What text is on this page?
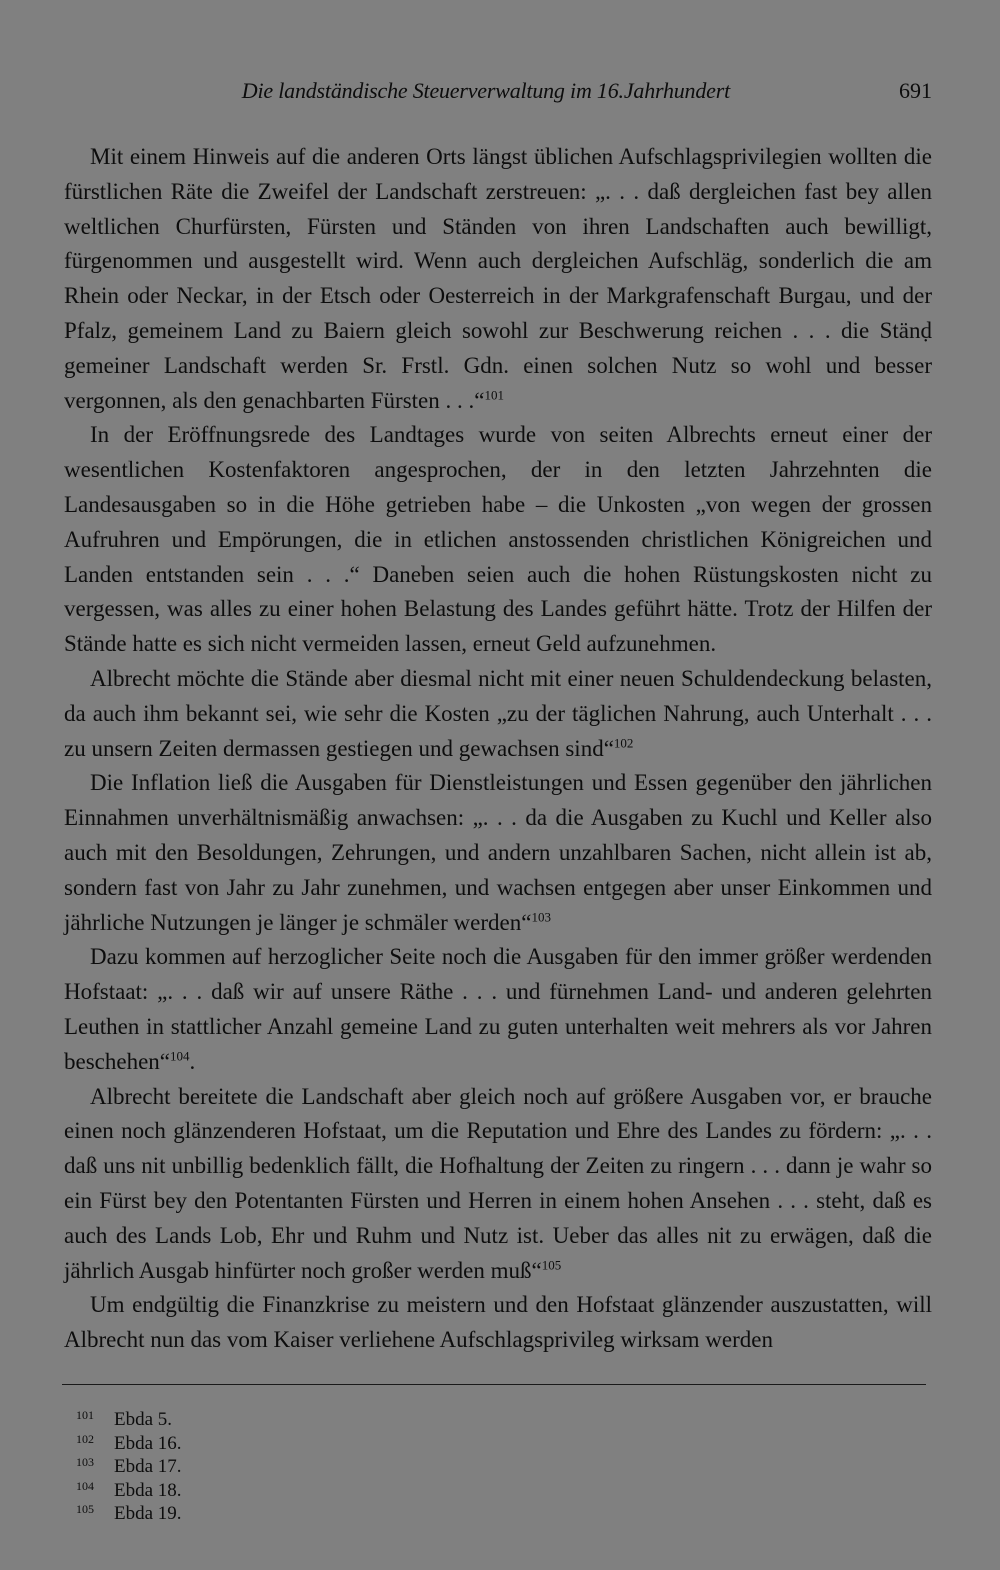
Die landständische Steuerverwaltung im 16.Jahrhundert	691

Mit einem Hinweis auf die anderen Orts längst üblichen Aufschlagsprivilegien wollten die fürstlichen Räte die Zweifel der Landschaft zerstreuen: „. . . daß dergleichen fast bey allen weltlichen Churfürsten, Fürsten und Ständen von ihren Landschaften auch bewilligt, fürgenommen und ausgestellt wird. Wenn auch dergleichen Aufschläg, sonderlich die am Rhein oder Neckar, in der Etsch oder Oesterreich in der Markgrafenschaft Burgau, und der Pfalz, gemeinem Land zu Baiern gleich sowohl zur Beschwerung reichen . . . die Stänḍ gemeiner Landschaft werden Sr. Frstl. Gdn. einen solchen Nutz so wohl und besser vergonnen, als den genachbarten Fürsten . . .“$^{101}$

In der Eröffnungsrede des Landtages wurde von seiten Albrechts erneut einer der wesentlichen Kostenfaktoren angesprochen, der in den letzten Jahrzehnten die Landesausgaben so in die Höhe getrieben habe – die Unkosten „von wegen der grossen Aufruhren und Empörungen, die in etlichen anstossenden christlichen Königreichen und Landen entstanden sein . . .“ Daneben seien auch die hohen Rüstungskosten nicht zu vergessen, was alles zu einer hohen Belastung des Landes geführt hätte. Trotz der Hilfen der Stände hatte es sich nicht vermeiden lassen, erneut Geld aufzunehmen.

Albrecht möchte die Stände aber diesmal nicht mit einer neuen Schuldendeckung belasten, da auch ihm bekannt sei, wie sehr die Kosten „zu der täglichen Nahrung, auch Unterhalt . . . zu unsern Zeiten dermassen gestiegen und gewachsen sind“$^{102}$

Die Inflation ließ die Ausgaben für Dienstleistungen und Essen gegenüber den jährlichen Einnahmen unverhältnismäßig anwachsen: „. . . da die Ausgaben zu Kuchl und Keller also auch mit den Besoldungen, Zehrungen, und andern unzahlbaren Sachen, nicht allein ist ab, sondern fast von Jahr zu Jahr zunehmen, und wachsen entgegen aber unser Einkommen und jährliche Nutzungen je länger je schmäler werden“$^{103}$

Dazu kommen auf herzoglicher Seite noch die Ausgaben für den immer größer werdenden Hofstaat: „. . . daß wir auf unsere Räthe . . . und fürnehmen Land- und anderen gelehrten Leuthen in stattlicher Anzahl gemeine Land zu guten unterhalten weit mehrers als vor Jahren beschehen“$^{104}$.

Albrecht bereitete die Landschaft aber gleich noch auf größere Ausgaben vor, er brauche einen noch glänzenderen Hofstaat, um die Reputation und Ehre des Landes zu fördern: „. . . daß uns nit unbillig bedenklich fällt, die Hofhaltung der Zeiten zu ringern . . . dann je wahr so ein Fürst bey den Potentanten Fürsten und Herren in einem hohen Ansehen . . . steht, daß es auch des Lands Lob, Ehr und Ruhm und Nutz ist. Ueber das alles nit zu erwägen, daß die jährlich Ausgab hinfürter noch großer werden muß“$^{105}$

Um endgültig die Finanzkrise zu meistern und den Hofstaat glänzender auszustatten, will Albrecht nun das vom Kaiser verliehene Aufschlagsprivileg wirksam werden

101 Ebda 5.
102 Ebda 16.
103 Ebda 17.
104 Ebda 18.
105 Ebda 19.
